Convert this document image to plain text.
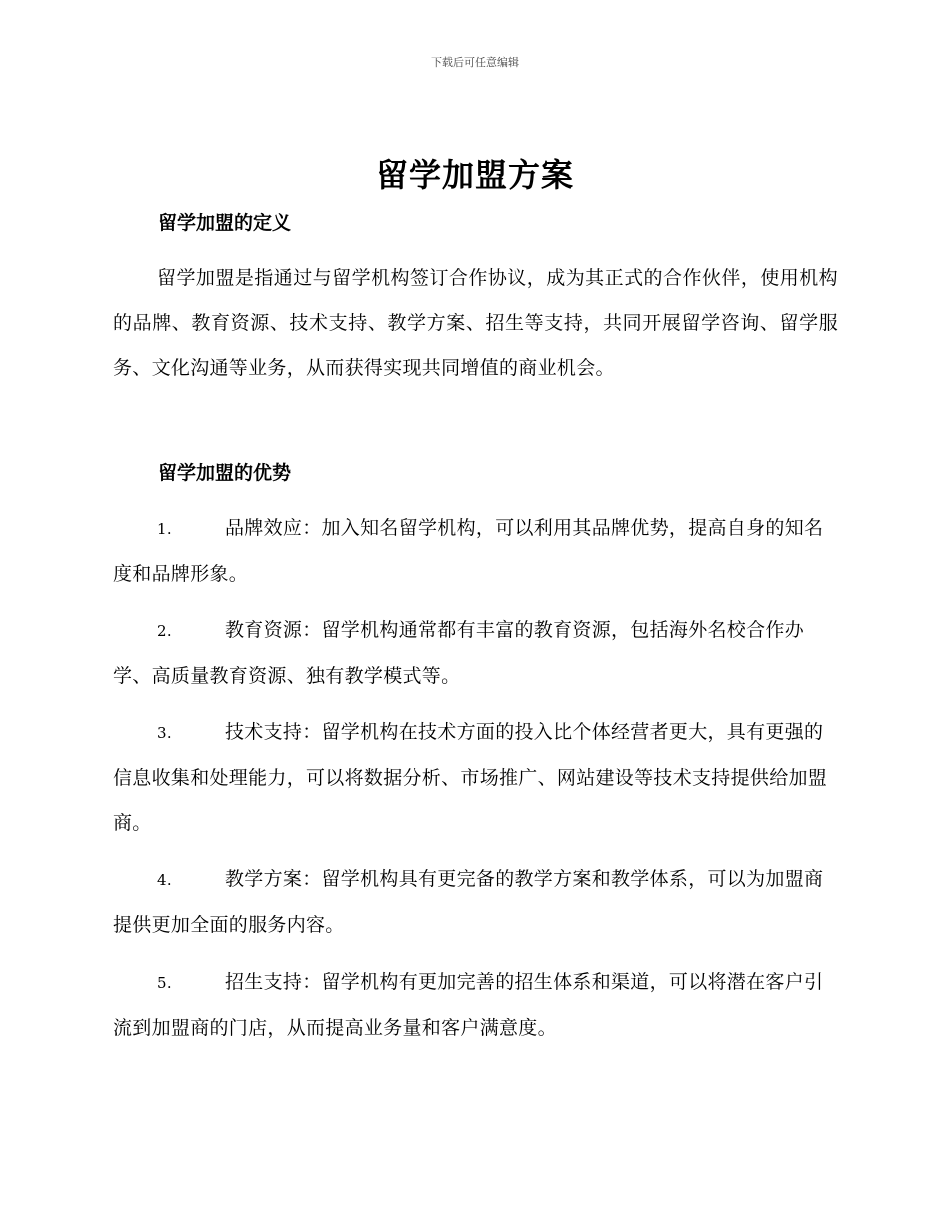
下载后可任意编辑
留学加盟方案
留学加盟的定义
留学加盟是指通过与留学机构签订合作协议，成为其正式的合作伙伴，使用机构的品牌、教育资源、技术支持、教学方案、招生等支持，共同开展留学咨询、留学服务、文化沟通等业务，从而获得实现共同增值的商业机会。
留学加盟的优势
1.	品牌效应：加入知名留学机构，可以利用其品牌优势，提高自身的知名度和品牌形象。
2.	教育资源：留学机构通常都有丰富的教育资源，包括海外名校合作办学、高质量教育资源、独有教学模式等。
3.	技术支持：留学机构在技术方面的投入比个体经营者更大，具有更强的信息收集和处理能力，可以将数据分析、市场推广、网站建设等技术支持提供给加盟商。
4.	教学方案：留学机构具有更完备的教学方案和教学体系，可以为加盟商提供更加全面的服务内容。
5.	招生支持：留学机构有更加完善的招生体系和渠道，可以将潜在客户引流到加盟商的门店，从而提高业务量和客户满意度。
